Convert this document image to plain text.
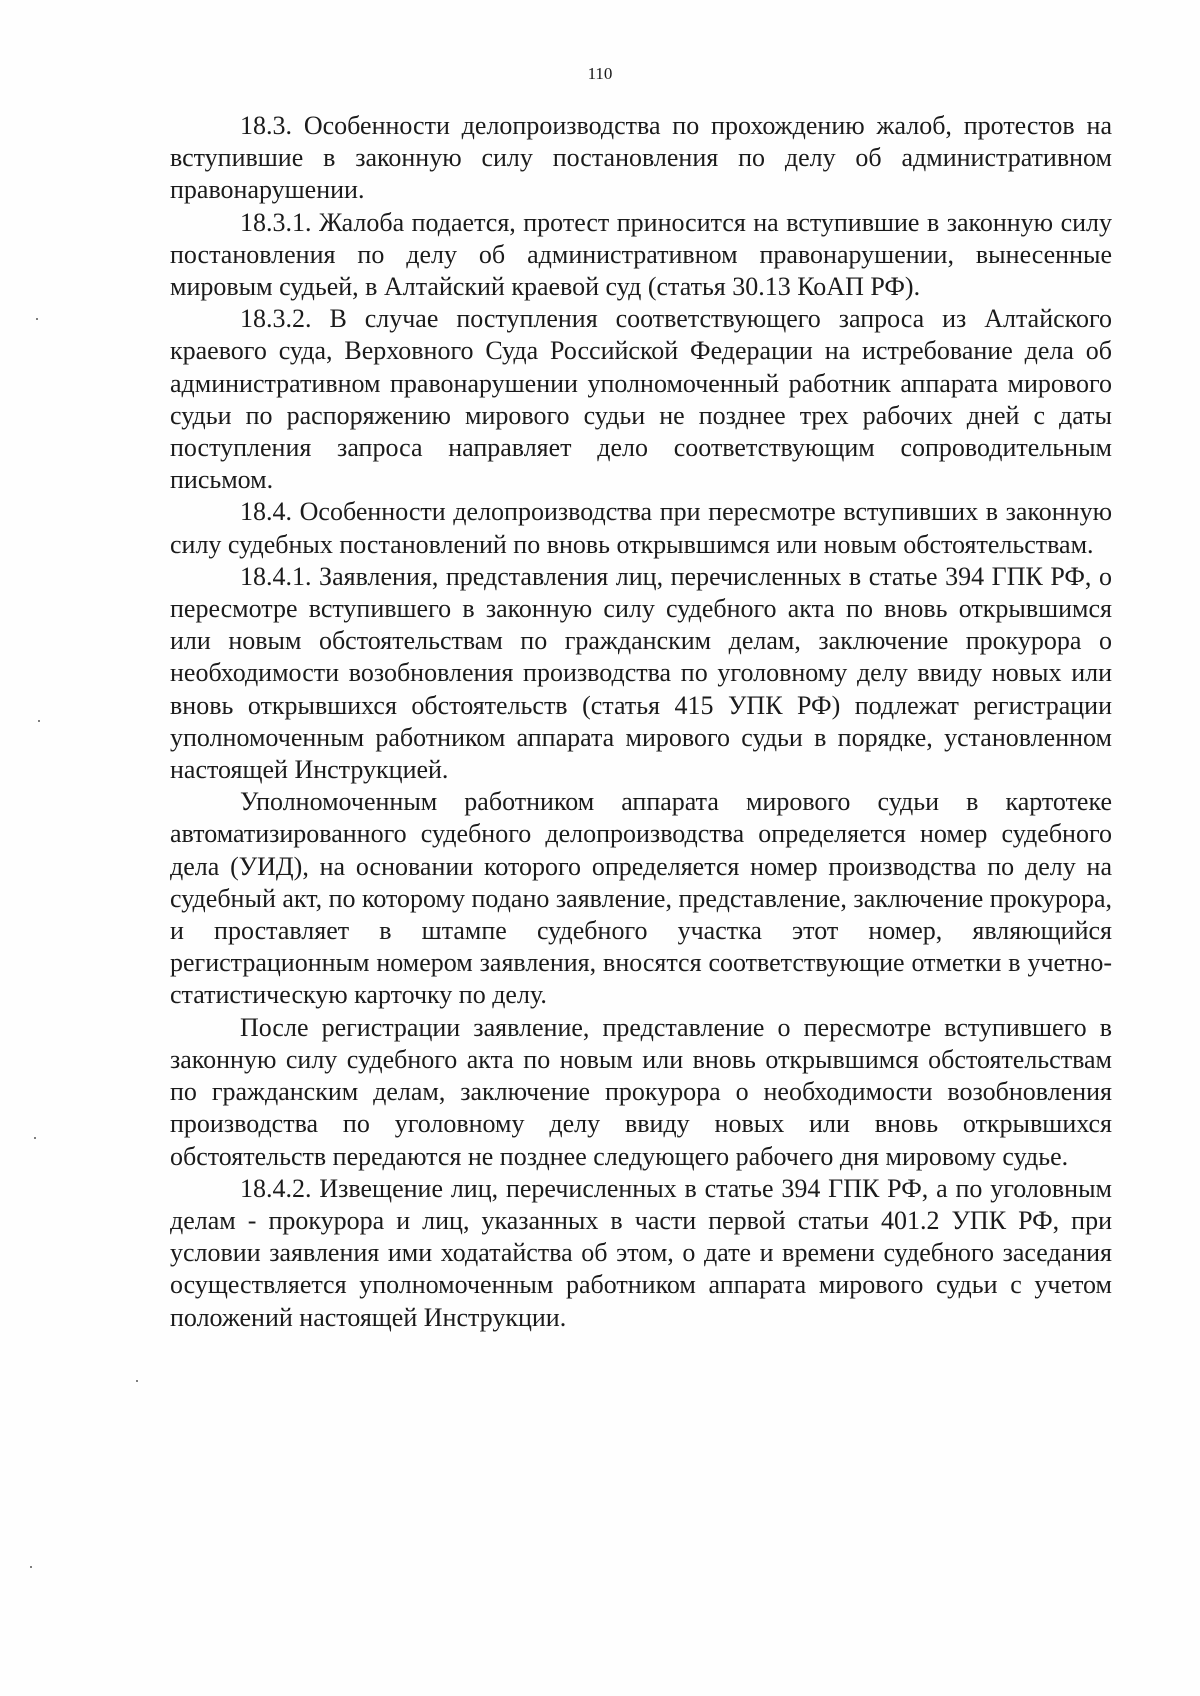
110

18.3. Особенности делопроизводства по прохождению жалоб, протестов на вступившие в законную силу постановления по делу об административном правонарушении.

18.3.1. Жалоба подается, протест приносится на вступившие в законную силу постановления по делу об административном правонарушении, вынесенные мировым судьей, в Алтайский краевой суд (статья 30.13 КоАП РФ).

18.3.2. В случае поступления соответствующего запроса из Алтайского краевого суда, Верховного Суда Российской Федерации на истребование дела об административном правонарушении уполномоченный работник аппарата мирового судьи по распоряжению мирового судьи не позднее трех рабочих дней с даты поступления запроса направляет дело соответствующим сопроводительным письмом.

18.4. Особенности делопроизводства при пересмотре вступивших в законную силу судебных постановлений по вновь открывшимся или новым обстоятельствам.

18.4.1. Заявления, представления лиц, перечисленных в статье 394 ГПК РФ, о пересмотре вступившего в законную силу судебного акта по вновь открывшимся или новым обстоятельствам по гражданским делам, заключение прокурора о необходимости возобновления производства по уголовному делу ввиду новых или вновь открывшихся обстоятельств (статья 415 УПК РФ) подлежат регистрации уполномоченным работником аппарата мирового судьи в порядке, установленном настоящей Инструкцией.

Уполномоченным работником аппарата мирового судьи в картотеке автоматизированного судебного делопроизводства определяется номер судебного дела (УИД), на основании которого определяется номер производства по делу на судебный акт, по которому подано заявление, представление, заключение прокурора, и проставляет в штампе судебного участка этот номер, являющийся регистрационным номером заявления, вносятся соответствующие отметки в учетно-статистическую карточку по делу.

После регистрации заявление, представление о пересмотре вступившего в законную силу судебного акта по новым или вновь открывшимся обстоятельствам по гражданским делам, заключение прокурора о необходимости возобновления производства по уголовному делу ввиду новых или вновь открывшихся обстоятельств передаются не позднее следующего рабочего дня мировому судье.

18.4.2. Извещение лиц, перечисленных в статье 394 ГПК РФ, а по уголовным делам - прокурора и лиц, указанных в части первой статьи 401.2 УПК РФ, при условии заявления ими ходатайства об этом, о дате и времени судебного заседания осуществляется уполномоченным работником аппарата мирового судьи с учетом положений настоящей Инструкции.
